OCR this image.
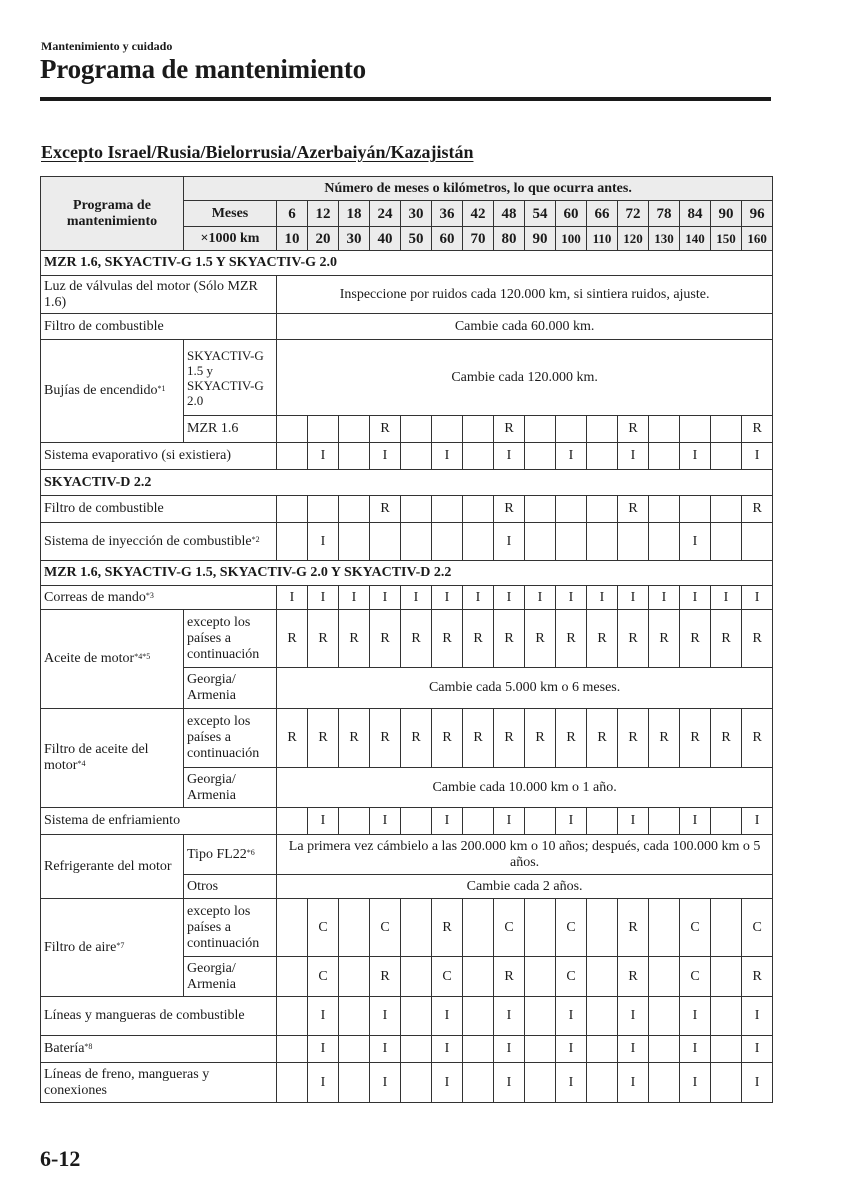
Mantenimiento y cuidado
Programa de mantenimiento
Excepto Israel/Rusia/Bielorrusia/Azerbaiyán/Kazajistán
Programa de mantenimiento	Número de meses o kilómetros, lo que ocurra antes.																
	Meses	6	12	18	24	30	36	42	48	54	60	66	72	78	84	90	96
	×1000 km	10	20	30	40	50	60	70	80	90	100	110	120	130	140	150	160
MZR 1.6, SKYACTIV-G 1.5 Y SKYACTIV-G 2.0																	
Luz de válvulas del motor (Sólo MZR 1.6)		Inspeccione por ruidos cada 120.000 km, si sintiera ruidos, ajuste.															
Filtro de combustible		Cambie cada 60.000 km.															
Bujías de encendido$^{*1}$	SKYACTIV-G 1.5 y SKYACTIV-G 2.0	Cambie cada 120.000 km.															
	MZR 1.6				R				R				R				R
Sistema evaporativo (si existiera)			I		I		I		I		I		I		I		I
SKYACTIV-D 2.2																	
Filtro de combustible					R				R				R				R
Sistema de inyección de combustible$^{*2}$			I						I						I		
MZR 1.6, SKYACTIV-G 1.5, SKYACTIV-G 2.0 Y SKYACTIV-D 2.2																	
Correas de mando$^{*3}$		I	I	I	I	I	I	I	I	I	I	I	I	I	I	I	I
Aceite de motor$^{*4*5}$	excepto los países a continuación	R	R	R	R	R	R	R	R	R	R	R	R	R	R	R	R
	Georgia/ Armenia	Cambie cada 5.000 km o 6 meses.															
Filtro de aceite del motor$^{*4}$	excepto los países a continuación	R	R	R	R	R	R	R	R	R	R	R	R	R	R	R	R
	Georgia/ Armenia	Cambie cada 10.000 km o 1 año.															
Sistema de enfriamiento			I		I		I		I		I		I		I		I
Refrigerante del motor	Tipo FL22$^{*6}$	La primera vez cámbielo a las 200.000 km o 10 años; después, cada 100.000 km o 5 años.															
	Otros	Cambie cada 2 años.															
Filtro de aire$^{*7}$	excepto los países a continuación		C		C		R		C		C		R		C		C
	Georgia/ Armenia		C		R		C		R		C		R		C		R
Líneas y mangueras de combustible			I		I		I		I		I		I		I		I
Batería$^{*8}$			I		I		I		I		I		I		I		I
Líneas de freno, mangueras y conexiones			I		I		I		I		I		I		I		I
6-12
